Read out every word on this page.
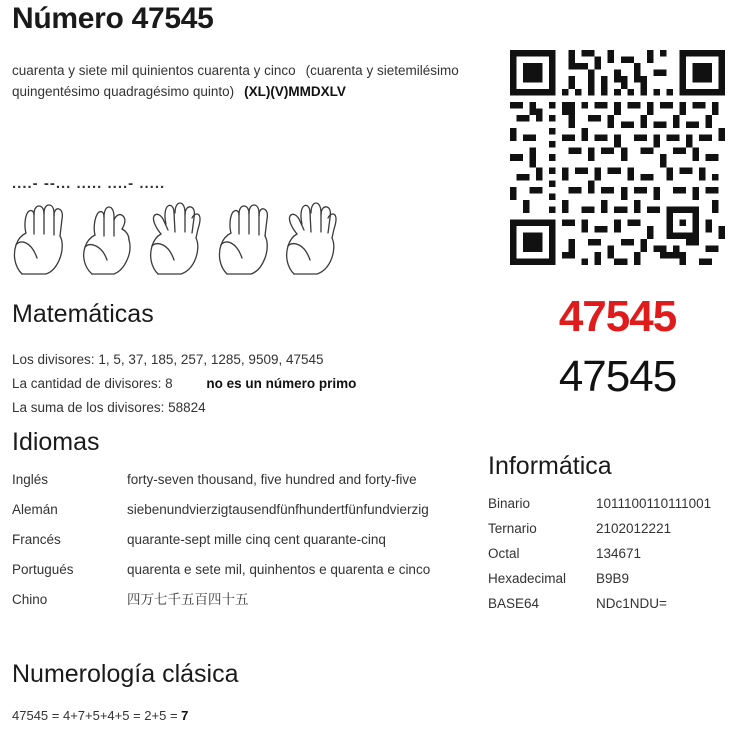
Número 47545
cuarenta y siete mil quinientos cuarenta y cinco (cuarenta y sietemilésimo quingentésimo quadragésimo quinto) (XL)(V)MMDXLV
....- --... ..... ....- .....
47545
47545
Matemáticas
Los divisores: 1, 5, 37, 185, 257, 1285, 9509, 47545
La cantidad de divisores: 8	no es un número primo
La suma de los divisores: 58824
Idiomas
Inglés	forty-seven thousand, five hundred and forty-five
Alemán	siebenundvierzigtausendfünfhundertfünfundvierzig
Francés	quarante-sept mille cinq cent quarante-cinq
Portugués	quarenta e sete mil, quinhentos e quarenta e cinco
Chino	四万七千五百四十五
Informática
Binario	1011100110111001
Ternario	2102012221
Octal	134671
Hexadecimal	B9B9
BASE64	NDc1NDU=
Numerología clásica
47545 = 4+7+5+4+5 = 2+5 = 7
